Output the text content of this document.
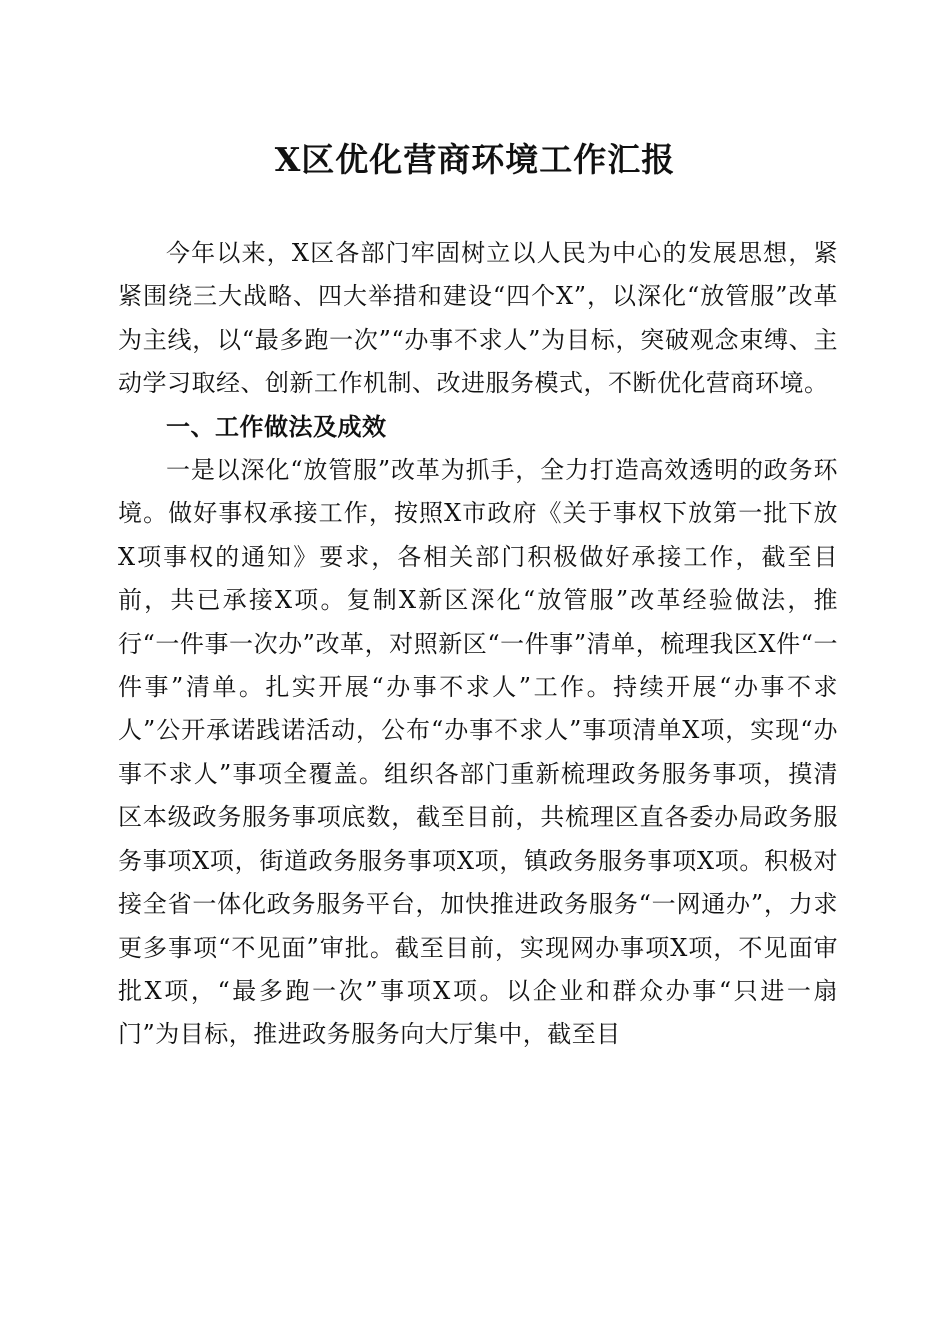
X区优化营商环境工作汇报

今年以来，X区各部门牢固树立以人民为中心的发展思想，紧紧围绕三大战略、四大举措和建设“四个X”，以深化“放管服”改革为主线，以“最多跑一次”“办事不求人”为目标，突破观念束缚、主动学习取经、创新工作机制、改进服务模式，不断优化营商环境。

一、工作做法及成效

一是以深化“放管服”改革为抓手，全力打造高效透明的政务环境。做好事权承接工作，按照X市政府《关于事权下放第一批下放X项事权的通知》要求，各相关部门积极做好承接工作，截至目前，共已承接X项。复制X新区深化“放管服”改革经验做法，推行“一件事一次办”改革，对照新区“一件事”清单，梳理我区X件“一件事”清单。扎实开展“办事不求人”工作。持续开展“办事不求人”公开承诺践诺活动，公布“办事不求人”事项清单X项，实现“办事不求人”事项全覆盖。组织各部门重新梳理政务服务事项，摸清区本级政务服务事项底数，截至目前，共梳理区直各委办局政务服务事项X项，街道政务服务事项X项，镇政务服务事项X项。积极对接全省一体化政务服务平台，加快推进政务服务“一网通办”，力求更多事项“不见面”审批。截至目前，实现网办事项X项，不见面审批X项，“最多跑一次”事项X项。以企业和群众办事“只进一扇门”为目标，推进政务服务向大厅集中，截至目
